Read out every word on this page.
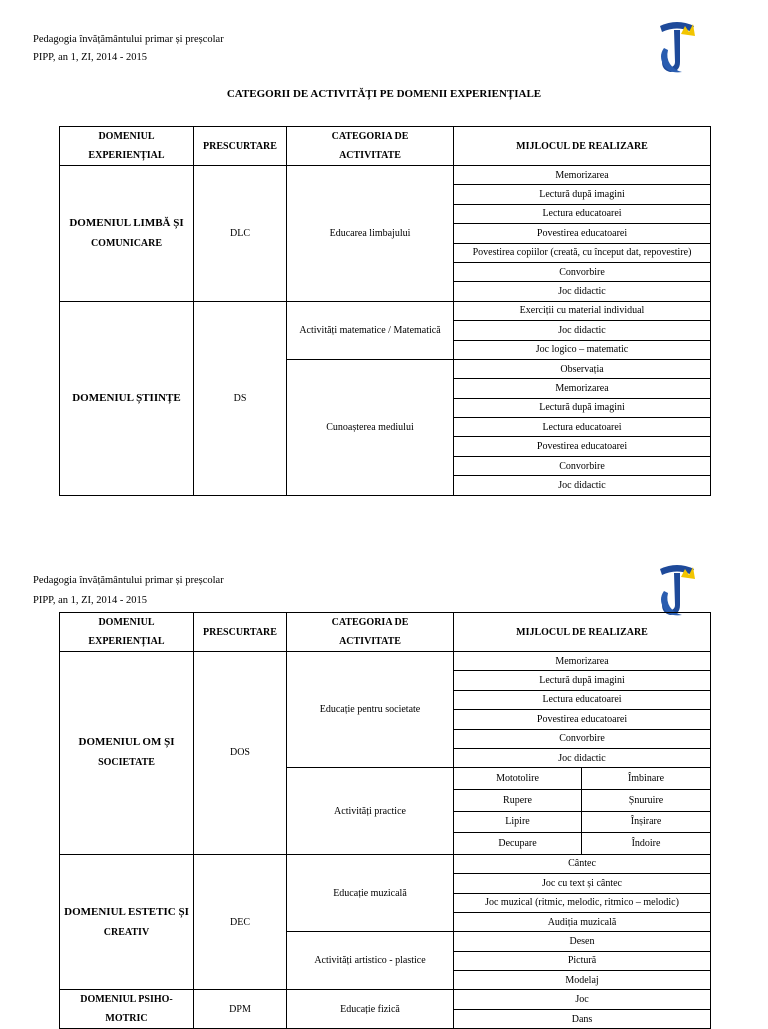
Pedagogia învățământului primar și preșcolar
PIPP, an 1, ZI, 2014 - 2015
CATEGORII DE ACTIVITĂȚI PE DOMENII EXPERIENȚIALE
DOMENIUL
EXPERIENȚIAL	PRESCURTARE	CATEGORIA DE
ACTIVITATE	MIJLOCUL DE REALIZARE
DOMENIUL LIMBĂ ȘI
COMUNICARE	DLC	Educarea limbajului	Memorizarea
			Lectură după imagini
			Lectura educatoarei
			Povestirea educatoarei
			Povestirea copiilor (creată, cu început dat, repovestire)
			Convorbire
			Joc didactic
DOMENIUL ȘTIINȚE	DS	Activități matematice / Matematică	Exerciții cu material individual
			Joc didactic
			Joc logico – matematic
		Cunoașterea mediului	Observația
			Memorizarea
			Lectură după imagini
			Lectura educatoarei
			Povestirea educatoarei
			Convorbire
			Joc didactic
Pedagogia învățământului primar și preșcolar
PIPP, an 1, ZI, 2014 - 2015
DOMENIUL
EXPERIENȚIAL	PRESCURTARE	CATEGORIA DE
ACTIVITATE	MIJLOCUL DE REALIZARE	
DOMENIUL OM ȘI
SOCIETATE	DOS	Educație pentru societate	Memorizarea	
			Lectură după imagini	
			Lectura educatoarei	
			Povestirea educatoarei	
			Convorbire	
			Joc didactic	
		Activități practice	Mototolire	Îmbinare
			Rupere	Șnuruire
			Lipire	Înșirare
			Decupare	Îndoire
DOMENIUL ESTETIC ȘI
CREATIV	DEC	Educație muzicală	Cântec	
			Joc cu text și cântec	
			Joc muzical (ritmic, melodic, ritmico – melodic)	
			Audiția muzicală	
		Activități artistico - plastice	Desen	
			Pictură	
			Modelaj	
DOMENIUL PSIHO-
MOTRIC	DPM	Educație fizică	Joc	
			Dans	
